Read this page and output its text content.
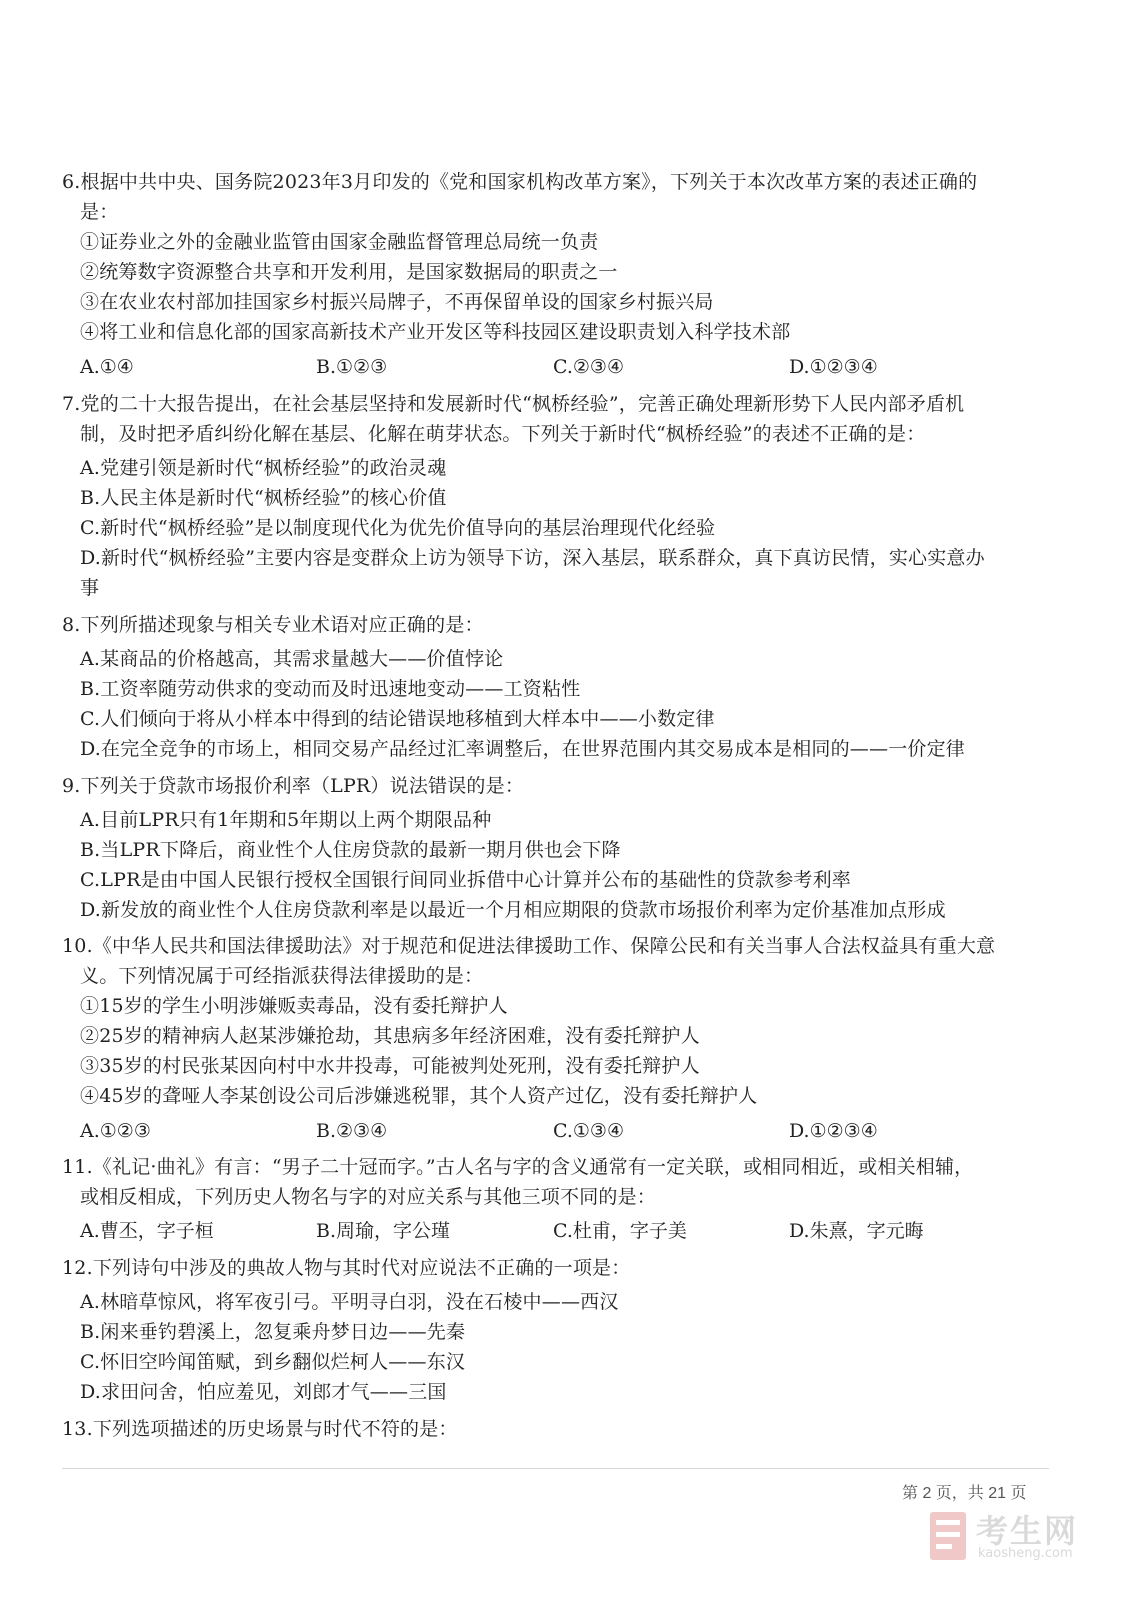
6.根据中共中央、国务院2023年3月印发的《党和国家机构改革方案》，下列关于本次改革方案的表述正确的
是：
①证券业之外的金融业监管由国家金融监督管理总局统一负责
②统筹数字资源整合共享和开发利用，是国家数据局的职责之一
③在农业农村部加挂国家乡村振兴局牌子，不再保留单设的国家乡村振兴局
④将工业和信息化部的国家高新技术产业开发区等科技园区建设职责划入科学技术部
A.①④	B.①②③	C.②③④	D.①②③④
7.党的二十大报告提出，在社会基层坚持和发展新时代“枫桥经验”，完善正确处理新形势下人民内部矛盾机
制，及时把矛盾纠纷化解在基层、化解在萌芽状态。下列关于新时代“枫桥经验”的表述不正确的是：
A.党建引领是新时代“枫桥经验”的政治灵魂
B.人民主体是新时代“枫桥经验”的核心价值
C.新时代“枫桥经验”是以制度现代化为优先价值导向的基层治理现代化经验
D.新时代“枫桥经验”主要内容是变群众上访为领导下访，深入基层，联系群众，真下真访民情，实心实意办
事
8.下列所描述现象与相关专业术语对应正确的是：
A.某商品的价格越高，其需求量越大——价值悖论
B.工资率随劳动供求的变动而及时迅速地变动——工资粘性
C.人们倾向于将从小样本中得到的结论错误地移植到大样本中——小数定律
D.在完全竞争的市场上，相同交易产品经过汇率调整后，在世界范围内其交易成本是相同的——一价定律
9.下列关于贷款市场报价利率（LPR）说法错误的是：
A.目前LPR只有1年期和5年期以上两个期限品种
B.当LPR下降后，商业性个人住房贷款的最新一期月供也会下降
C.LPR是由中国人民银行授权全国银行间同业拆借中心计算并公布的基础性的贷款参考利率
D.新发放的商业性个人住房贷款利率是以最近一个月相应期限的贷款市场报价利率为定价基准加点形成
10.《中华人民共和国法律援助法》对于规范和促进法律援助工作、保障公民和有关当事人合法权益具有重大意
义。下列情况属于可经指派获得法律援助的是：
①15岁的学生小明涉嫌贩卖毒品，没有委托辩护人
②25岁的精神病人赵某涉嫌抢劫，其患病多年经济困难，没有委托辩护人
③35岁的村民张某因向村中水井投毒，可能被判处死刑，没有委托辩护人
④45岁的聋哑人李某创设公司后涉嫌逃税罪，其个人资产过亿，没有委托辩护人
A.①②③	B.②③④	C.①③④	D.①②③④
11.《礼记·曲礼》有言：“男子二十冠而字。”古人名与字的含义通常有一定关联，或相同相近，或相关相辅，
或相反相成，下列历史人物名与字的对应关系与其他三项不同的是：
A.曹丕，字子桓	B.周瑜，字公瑾	C.杜甫，字子美	D.朱熹，字元晦
12.下列诗句中涉及的典故人物与其时代对应说法不正确的一项是：
A.林暗草惊风，将军夜引弓。平明寻白羽，没在石棱中——西汉
B.闲来垂钓碧溪上，忽复乘舟梦日边——先秦
C.怀旧空吟闻笛赋，到乡翻似烂柯人——东汉
D.求田问舍，怕应羞见，刘郎才气——三国
13.下列选项描述的历史场景与时代不符的是：
第 2 页，共 21 页
考生网
kaosheng.com
